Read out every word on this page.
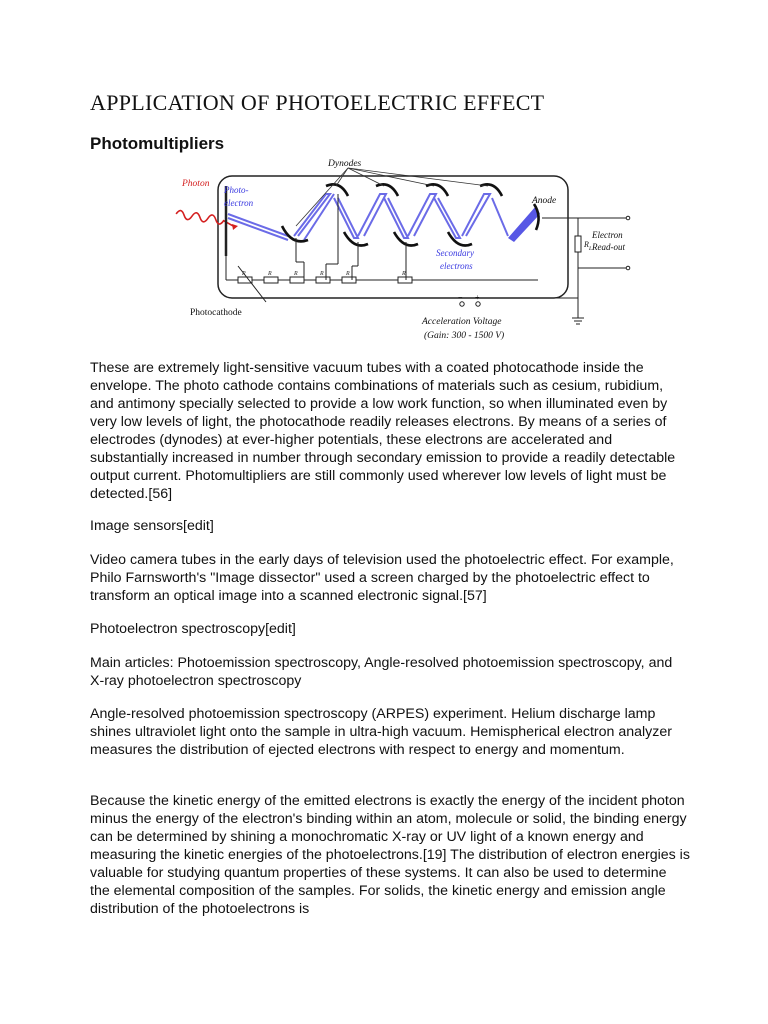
APPLICATION OF PHOTOELECTRIC EFFECT
Photomultipliers
R	R	R	R	R	R
Dynodes
Photon
Photo-
electron	Anode
Electron
Read-out
R L
Secondary
electrons
Photocathode
− +
Acceleration Voltage
(Gain: 300 - 1500 V)

These are extremely light-sensitive vacuum tubes with a coated photocathode inside the envelope. The photo cathode contains combinations of materials such as cesium, rubidium, and antimony specially selected to provide a low work function, so when illuminated even by very low levels of light, the photocathode readily releases electrons. By means of a series of electrodes (dynodes) at ever-higher potentials, these electrons are accelerated and substantially increased in number through secondary emission to provide a readily detectable output current. Photomultipliers are still commonly used wherever low levels of light must be detected.[56]

Image sensors[edit]

Video camera tubes in the early days of television used the photoelectric effect. For example, Philo Farnsworth's "Image dissector" used a screen charged by the photoelectric effect to transform an optical image into a scanned electronic signal.[57]

Photoelectron spectroscopy[edit]

Main articles: Photoemission spectroscopy, Angle-resolved photoemission spectroscopy, and X-ray photoelectron spectroscopy

Angle-resolved photoemission spectroscopy (ARPES) experiment. Helium discharge lamp shines ultraviolet light onto the sample in ultra-high vacuum. Hemispherical electron analyzer measures the distribution of ejected electrons with respect to energy and momentum.

Because the kinetic energy of the emitted electrons is exactly the energy of the incident photon minus the energy of the electron's binding within an atom, molecule or solid, the binding energy can be determined by shining a monochromatic X-ray or UV light of a known energy and measuring the kinetic energies of the photoelectrons.[19] The distribution of electron energies is valuable for studying quantum properties of these systems. It can also be used to determine the elemental composition of the samples. For solids, the kinetic energy and emission angle distribution of the photoelectrons is
